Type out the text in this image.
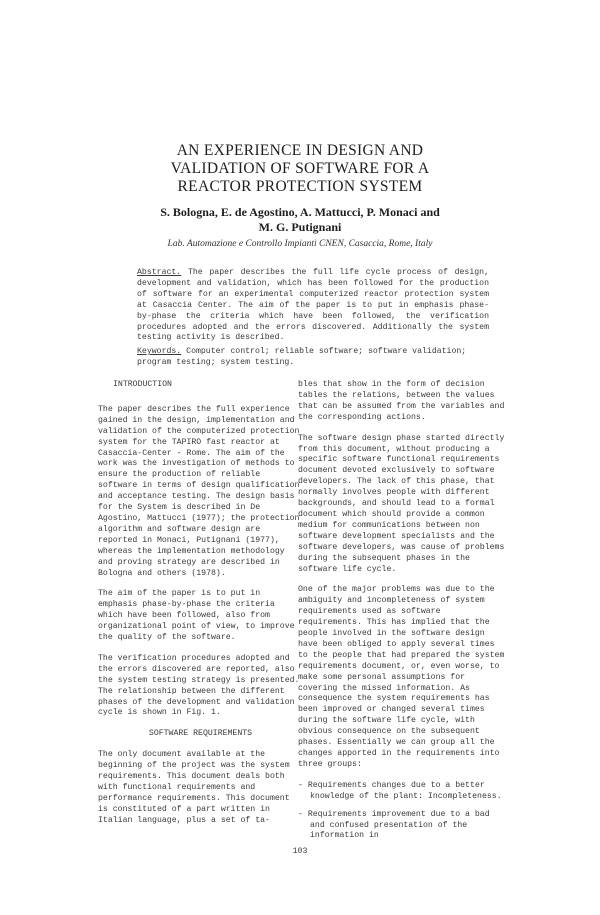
AN EXPERIENCE IN DESIGN AND
VALIDATION OF SOFTWARE FOR A
REACTOR PROTECTION SYSTEM
S. Bologna, E. de Agostino, A. Mattucci, P. Monaci and
M. G. Putignani
Lab. Automazione e Controllo Impianti CNEN, Casaccia, Rome, Italy
Abstract. The paper describes the full life cycle process of design, development and validation, which has been followed for the production of software for an experimental computerized reactor protection system at Casaccia Center. The aim of the paper is to put in emphasis phase-by-phase the criteria which have been followed, the verification procedures adopted and the errors discovered. Additionally the system testing activity is described.
Keywords. Computer control; reliable software; software validation; program testing; system testing.
INTRODUCTION

The paper describes the full experience gained in the design, implementation and validation of the computerized protection system for the TAPIRO fast reactor at Casaccia-Center - Rome. The aim of the work was the investigation of methods to ensure the production of reliable software in terms of design qualification and acceptance testing. The design basis for the System is described in De Agostino, Mattucci (1977); the protection algorithm and software design are reported in Monaci, Putignani (1977), whereas the implementation methodology and proving strategy are described in Bologna and others (1978).

The aim of the paper is to put in emphasis phase-by-phase the criteria which have been followed, also from organizational point of view, to improve the quality of the software.

The verification procedures adopted and the errors discovered are reported, also the system testing strategy is presented. The relationship between the different phases of the development and validation cycle is shown in Fig. 1.

SOFTWARE REQUIREMENTS

The only document available at the beginning of the project was the system requirements. This document deals both with functional requirements and performance requirements. This document is constituted of a part written in Italian language, plus a set of ta-

bles that show in the form of decision tables the relations, between the values that can be assumed from the variables and the corresponding actions.

The software design phase started directly from this document, without producing a specific software functional requirements document devoted exclusively to software developers. The lack of this phase, that normally involves people with different backgrounds, and should lead to a formal document which should provide a common medium for communications between non software development specialists and the software developers, was cause of problems during the subsequent phases in the software life cycle.

One of the major problems was due to the ambiguity and incompleteness of system requirements used as software requirements. This has implied that the people involved in the software design have been obliged to apply several times to the people that had prepared the system requirements document, or, even worse, to make some personal assumptions for covering the missed information. As consequence the system requirements has been improved or changed several times during the software life cycle, with obvious consequence on the subsequent phases. Essentially we can group all the changes apported in the requirements into three groups:

- Requirements changes due to a better knowledge of the plant: Incompleteness.
- Requirements improvement due to a bad and confused presentation of the information in
103
